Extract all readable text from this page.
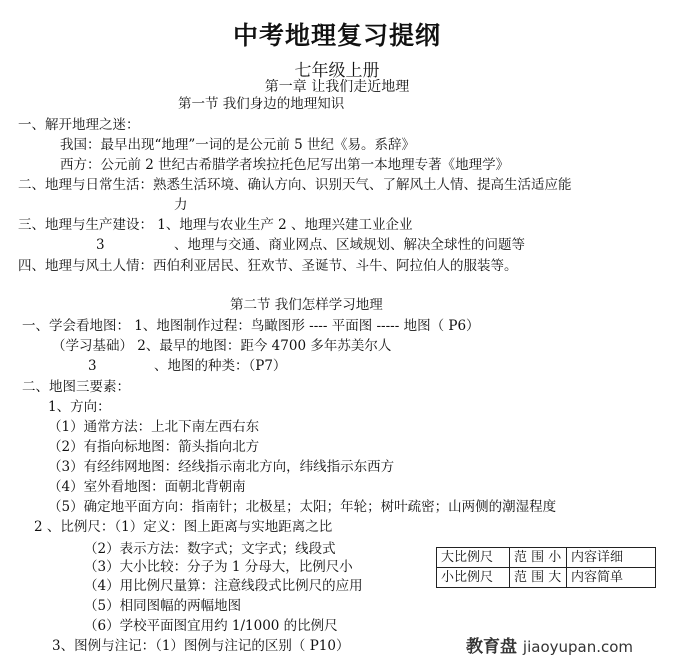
中考地理复习提纲
七年级上册
第一章 让我们走近地理
第一节 我们身边的地理知识
一、解开地理之迷：
我国：最早出现“地理”一词的是公元前 5 世纪《易。系辞》
西方：公元前 2 世纪古希腊学者埃拉托色尼写出第一本地理专著《地理学》
二、地理与日常生活：熟悉生活环境、确认方向、识别天气、了解风土人情、提高生活适应能
力
三、地理与生产建设： 1、地理与农业生产 2 、地理兴建工业企业
3	、地理与交通、商业网点、区域规划、解决全球性的问题等
四、地理与风土人情：西伯利亚居民、狂欢节、圣诞节、斗牛、阿拉伯人的服装等。
第二节 我们怎样学习地理
一、学会看地图： 1、地图制作过程：鸟瞰图形 ---- 平面图 ----- 地图（ P6）
（学习基础） 2、最早的地图：距今 4700 多年苏美尔人
3	、地图的种类：（P7）
二、地图三要素：
1、方向：
（1）通常方法：上北下南左西右东
（2）有指向标地图：箭头指向北方
（3）有经纬网地图：经线指示南北方向，纬线指示东西方
（4）室外看地图：面朝北背朝南
（5）确定地平面方向：指南针；北极星；太阳；年轮；树叶疏密；山两侧的潮湿程度
2 、比例尺：（1）定义：图上距离与实地距离之比
（2）表示方法：数字式；文字式；线段式
（3）大小比较：分子为 1 分母大，比例尺小
（4）用比例尺量算：注意线段式比例尺的应用
（5）相同图幅的两幅地图
（6）学校平面图宜用约 1/1000 的比例尺
3、图例与注记：（1）图例与注记的区别（ P10）
大比例尺	范 围 小	内容详细
小比例尺	范 围 大	内容简单
教育盘 jiaoyupan.com
